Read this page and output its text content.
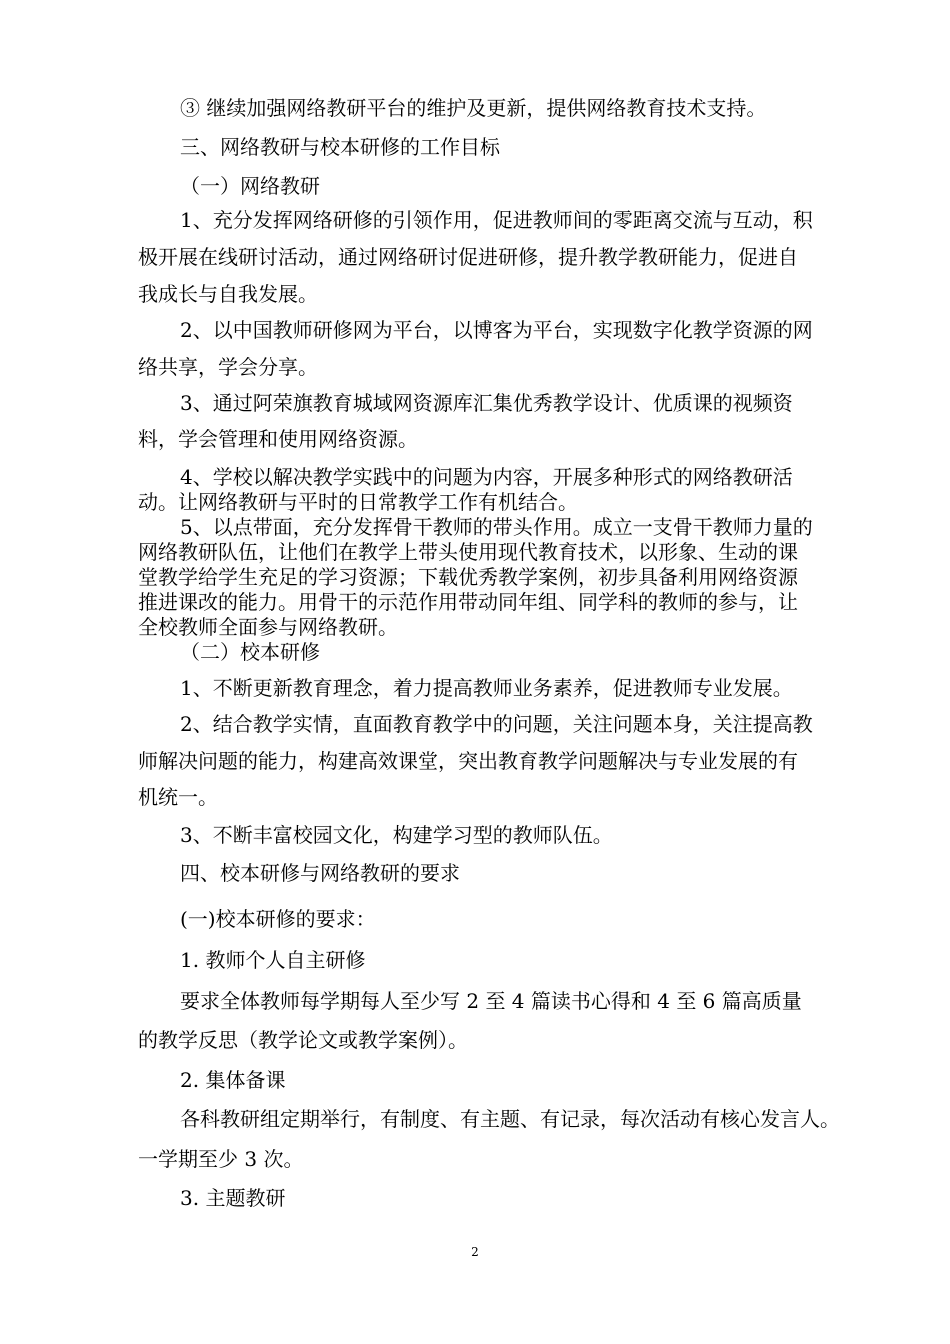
③ 继续加强网络教研平台的维护及更新，提供网络教育技术支持。
三、网络教研与校本研修的工作目标
（一）网络教研
1、充分发挥网络研修的引领作用，促进教师间的零距离交流与互动，积
极开展在线研讨活动，通过网络研讨促进研修，提升教学教研能力，促进自
我成长与自我发展。
2、以中国教师研修网为平台，以博客为平台，实现数字化教学资源的网
络共享，学会分享。
3、通过阿荣旗教育城域网资源库汇集优秀教学设计、优质课的视频资
料，学会管理和使用网络资源。
4、学校以解决教学实践中的问题为内容，开展多种形式的网络教研活
动。让网络教研与平时的日常教学工作有机结合。
5、以点带面，充分发挥骨干教师的带头作用。成立一支骨干教师力量的
网络教研队伍，让他们在教学上带头使用现代教育技术，以形象、生动的课
堂教学给学生充足的学习资源；下载优秀教学案例，初步具备利用网络资源
推进课改的能力。用骨干的示范作用带动同年组、同学科的教师的参与，让
全校教师全面参与网络教研。
（二）校本研修
1、不断更新教育理念，着力提高教师业务素养，促进教师专业发展。
2、结合教学实情，直面教育教学中的问题，关注问题本身，关注提高教
师解决问题的能力，构建高效课堂，突出教育教学问题解决与专业发展的有
机统一。
3、不断丰富校园文化，构建学习型的教师队伍。
四、校本研修与网络教研的要求
(一)校本研修的要求：
1. 教师个人自主研修
要求全体教师每学期每人至少写 2 至 4 篇读书心得和 4 至 6 篇高质量
的教学反思（教学论文或教学案例）。
2. 集体备课
各科教研组定期举行，有制度、有主题、有记录，每次活动有核心发言人。
一学期至少 3 次。
3. 主题教研
2
